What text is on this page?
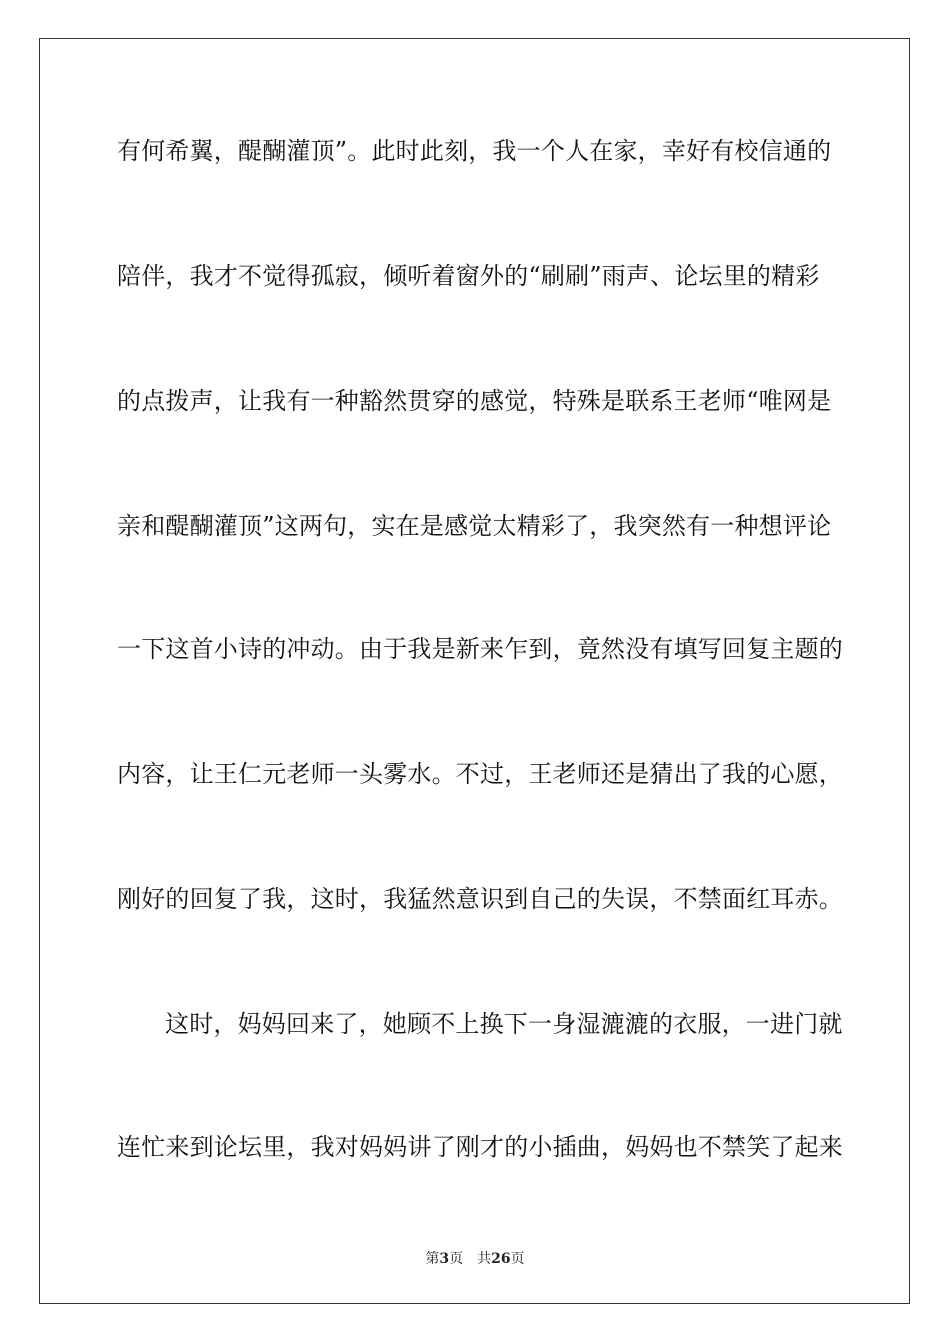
有何希翼，醍醐灌顶”。此时此刻，我一个人在家，幸好有校信通的
陪伴，我才不觉得孤寂，倾听着窗外的“刷刷”雨声、论坛里的精彩
的点拨声，让我有一种豁然贯穿的感觉，特殊是联系王老师“唯网是
亲和醍醐灌顶”这两句，实在是感觉太精彩了，我突然有一种想评论
一下这首小诗的冲动。由于我是新来乍到，竟然没有填写回复主题的
内容，让王仁元老师一头雾水。不过，王老师还是猜出了我的心愿，
刚好的回复了我，这时，我猛然意识到自己的失误，不禁面红耳赤。
这时，妈妈回来了，她顾不上换下一身湿漉漉的衣服，一进门就
连忙来到论坛里，我对妈妈讲了刚才的小插曲，妈妈也不禁笑了起来
第3页 共26页
